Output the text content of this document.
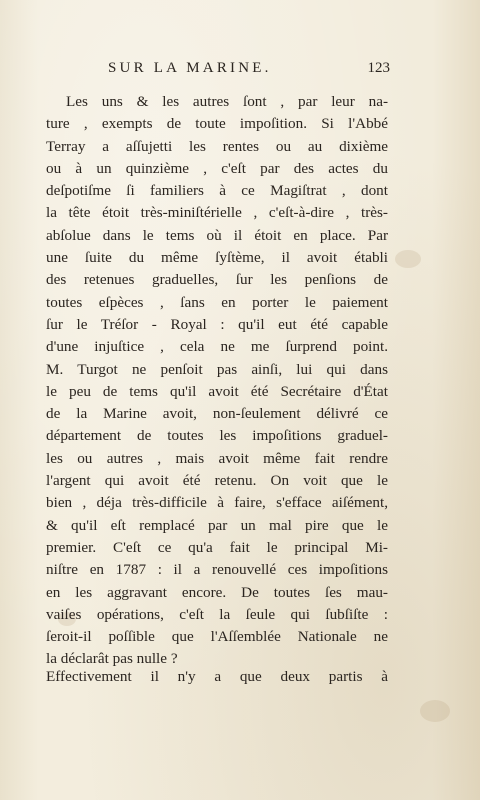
SUR LA MARINE.	123
Les uns & les autres ſont , par leur na-
ture , exempts de toute impoſition. Si l'Abbé
Terray a aſſujetti les rentes ou au dixième
ou à un quinzième , c'eſt par des actes du
deſpotiſme ſi familiers à ce Magiſtrat , dont
la tête étoit très-miniſtérielle , c'eſt-à-dire , très-
abſolue dans le tems où il étoit en place. Par
une ſuite du même ſyſtème, il avoit établi
des retenues graduelles, ſur les penſions de
toutes eſpèces , ſans en porter le paiement
ſur le Tréſor - Royal : qu'il eut été capable
d'une injuſtice , cela ne me ſurprend point.
M. Turgot ne penſoit pas ainſi, lui qui dans
le peu de tems qu'il avoit été Secrétaire d'État
de la Marine avoit, non-ſeulement délivré ce
département de toutes les impoſitions graduel-
les ou autres , mais avoit même fait rendre
l'argent qui avoit été retenu. On voit que le
bien , déja très-difficile à faire, s'efface aiſément,
& qu'il eſt remplacé par un mal pire que le
premier. C'eſt ce qu'a fait le principal Mi-
niſtre en 1787 : il a renouvellé ces impoſitions
en les aggravant encore. De toutes ſes mau-
vaiſes opérations, c'eſt la ſeule qui ſubſiſte :
ſeroit-il poſſible que l'Aſſemblée Nationale ne
la déclarât pas nulle ?
Effectivement il n'y a que deux partis à
